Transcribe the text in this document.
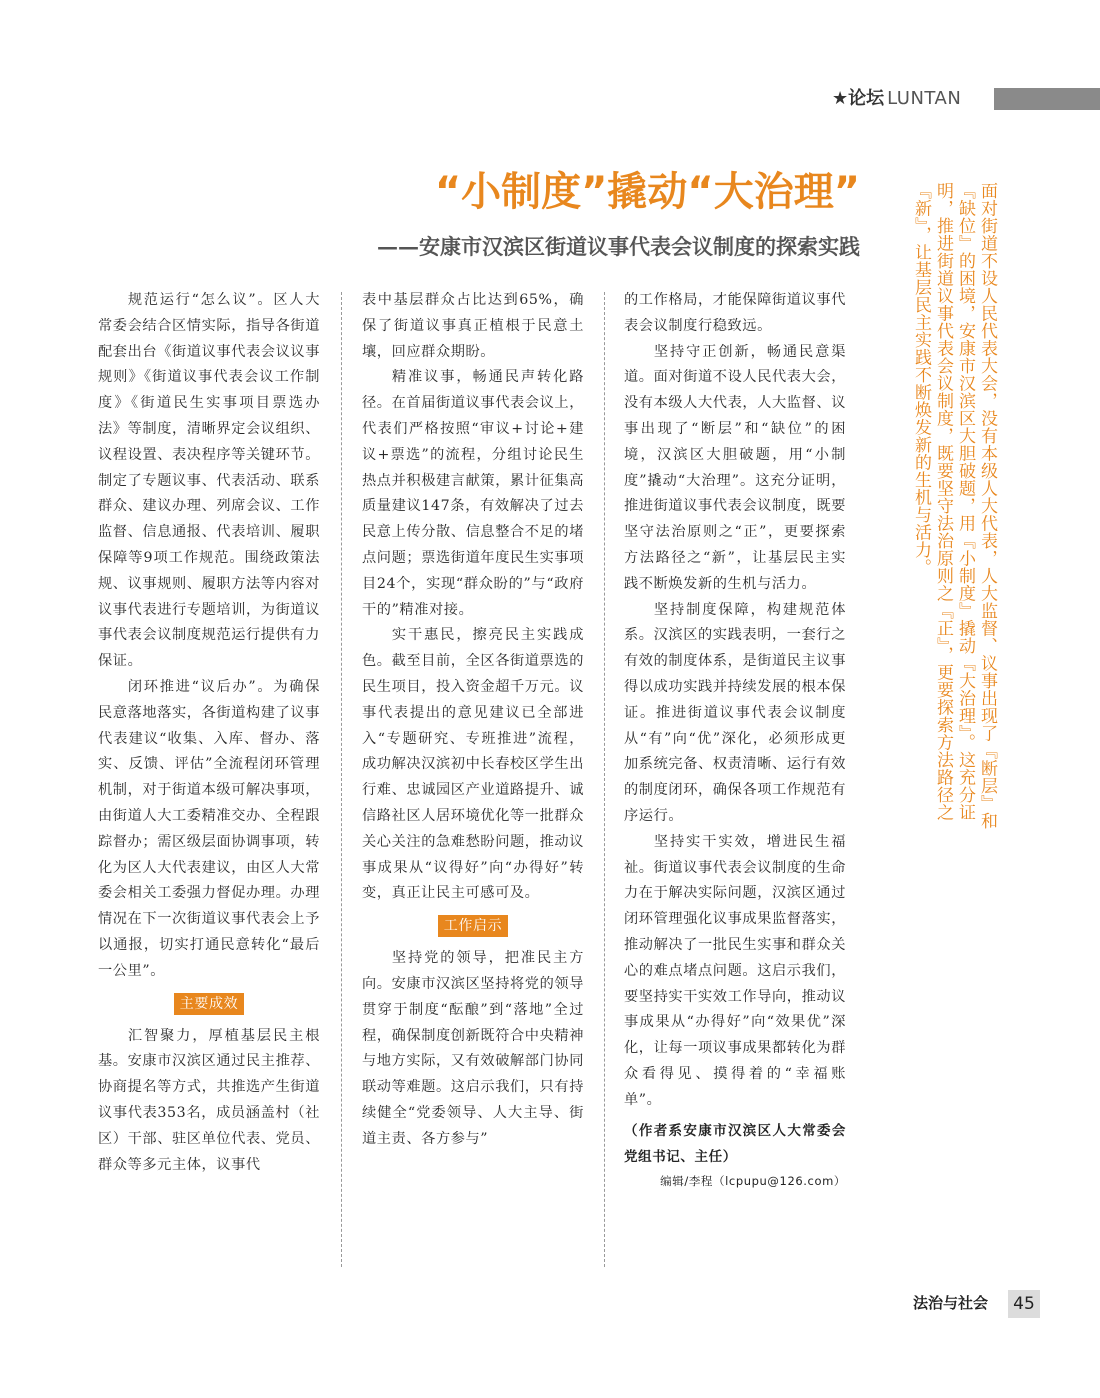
★论坛 LUNTAN
“小制度”撬动“大治理”
——安康市汉滨区街道议事代表会议制度的探索实践

规范运行“怎么议”。区人大常委会结合区情实际，指导各街道配套出台《街道议事代表会议议事规则》《街道议事代表会议工作制度》《街道民生实事项目票选办法》等制度，清晰界定会议组织、议程设置、表决程序等关键环节。制定了专题议事、代表活动、联系群众、建议办理、列席会议、工作监督、信息通报、代表培训、履职保障等9项工作规范。围绕政策法规、议事规则、履职方法等内容对议事代表进行专题培训，为街道议事代表会议制度规范运行提供有力保证。

闭环推进“议后办”。为确保民意落地落实，各街道构建了议事代表建议“收集、入库、督办、落实、反馈、评估”全流程闭环管理机制，对于街道本级可解决事项，由街道人大工委精准交办、全程跟踪督办；需区级层面协调事项，转化为区人大代表建议，由区人大常委会相关工委强力督促办理。办理情况在下一次街道议事代表会上予以通报，切实打通民意转化“最后一公里”。

主要成效

汇智聚力，厚植基层民主根基。安康市汉滨区通过民主推荐、协商提名等方式，共推选产生街道议事代表353名，成员涵盖村（社区）干部、驻区单位代表、党员、群众等多元主体，议事代

表中基层群众占比达到65%，确保了街道议事真正植根于民意土壤，回应群众期盼。

精准议事，畅通民声转化路径。在首届街道议事代表会议上，代表们严格按照“审议+讨论+建议+票选”的流程，分组讨论民生热点并积极建言献策，累计征集高质量建议147条，有效解决了过去民意上传分散、信息整合不足的堵点问题；票选街道年度民生实事项目24个，实现“群众盼的”与“政府干的”精准对接。

实干惠民，擦亮民主实践成色。截至目前，全区各街道票选的民生项目，投入资金超千万元。议事代表提出的意见建议已全部进入“专题研究、专班推进”流程，成功解决汉滨初中长春校区学生出行难、忠诚园区产业道路提升、诚信路社区人居环境优化等一批群众关心关注的急难愁盼问题，推动议事成果从“议得好”向“办得好”转变，真正让民主可感可及。

工作启示

坚持党的领导，把准民主方向。安康市汉滨区坚持将党的领导贯穿于制度“酝酿”到“落地”全过程，确保制度创新既符合中央精神与地方实际，又有效破解部门协同联动等难题。这启示我们，只有持续健全“党委领导、人大主导、街道主责、各方参与”

的工作格局，才能保障街道议事代表会议制度行稳致远。

坚持守正创新，畅通民意渠道。面对街道不设人民代表大会，没有本级人大代表，人大监督、议事出现了“断层”和“缺位”的困境，汉滨区大胆破题，用“小制度”撬动“大治理”。这充分证明，推进街道议事代表会议制度，既要坚守法治原则之“正”，更要探索方法路径之“新”，让基层民主实践不断焕发新的生机与活力。

坚持制度保障，构建规范体系。汉滨区的实践表明，一套行之有效的制度体系，是街道民主议事得以成功实践并持续发展的根本保证。推进街道议事代表会议制度从“有”向“优”深化，必须形成更加系统完备、权责清晰、运行有效的制度闭环，确保各项工作规范有序运行。

坚持实干实效，增进民生福祉。街道议事代表会议制度的生命力在于解决实际问题，汉滨区通过闭环管理强化议事成果监督落实，推动解决了一批民生实事和群众关心的难点堵点问题。这启示我们，要坚持实干实效工作导向，推动议事成果从“办得好”向“效果优”深化，让每一项议事成果都转化为群众看得见、摸得着的“幸福账单”。

（作者系安康市汉滨区人大常委会党组书记、主任）

编辑/李程（lcpupu@126.com）

面对街道不设人民代表大会，没有本级人大代表，人大监督、议事出现了『断层』和『缺位』的困境，安康市汉滨区大胆破题，用『小制度』撬动『大治理』。这充分证明，推进街道议事代表会议制度，既要坚守法治原则之『正』，更要探索方法路径之『新』，让基层民主实践不断焕发新的生机与活力。
法治与社会	45
